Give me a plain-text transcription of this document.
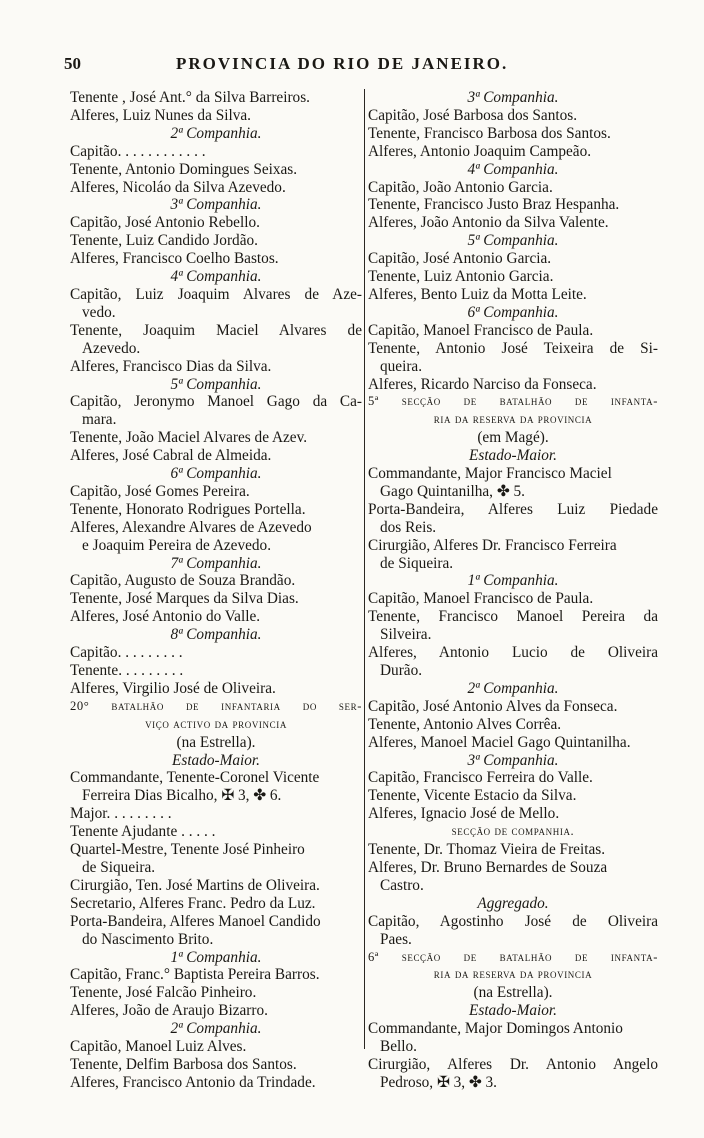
50	PROVINCIA DO RIO DE JANEIRO.
Tenente , José Ant.° da Silva Barreiros.
Alferes, Luiz Nunes da Silva.
2ª Companhia.
Capitão. . . . . . . . . . . .
Tenente, Antonio Domingues Seixas.
Alferes, Nicoláo da Silva Azevedo.
3ª Companhia.
Capitão, José Antonio Rebello.
Tenente, Luiz Candido Jordão.
Alferes, Francisco Coelho Bastos.
4ª Companhia.
Capitão, Luiz Joaquim Alvares de Aze-
vedo.
Tenente, Joaquim Maciel Alvares de
Azevedo.
Alferes, Francisco Dias da Silva.
5ª Companhia.
Capitão, Jeronymo Manoel Gago da Ca-
mara.
Tenente, João Maciel Alvares de Azev.
Alferes, José Cabral de Almeida.
6ª Companhia.
Capitão, José Gomes Pereira.
Tenente, Honorato Rodrigues Portella.
Alferes, Alexandre Alvares de Azevedo
e Joaquim Pereira de Azevedo.
7ª Companhia.
Capitão, Augusto de Souza Brandão.
Tenente, José Marques da Silva Dias.
Alferes, José Antonio do Valle.
8ª Companhia.
Capitão. . . . . . . . .
Tenente. . . . . . . . .
Alferes, Virgilio José de Oliveira.
20° batalhão de infantaria do ser-
viço activo da provincia
(na Estrella).
Estado-Maior.
Commandante, Tenente-Coronel Vicente
Ferreira Dias Bicalho, ✠ 3, ✤ 6.
Major. . . . . . . . .
Tenente Ajudante . . . . .
Quartel-Mestre, Tenente José Pinheiro
de Siqueira.
Cirurgião, Ten. José Martins de Oliveira.
Secretario, Alferes Franc. Pedro da Luz.
Porta-Bandeira, Alferes Manoel Candido
do Nascimento Brito.
1ª Companhia.
Capitão, Franc.° Baptista Pereira Barros.
Tenente, José Falcão Pinheiro.
Alferes, João de Araujo Bizarro.
2ª Companhia.
Capitão, Manoel Luiz Alves.
Tenente, Delfim Barbosa dos Santos.
Alferes, Francisco Antonio da Trindade.
3ª Companhia.
Capitão, José Barbosa dos Santos.
Tenente, Francisco Barbosa dos Santos.
Alferes, Antonio Joaquim Campeão.
4ª Companhia.
Capitão, João Antonio Garcia.
Tenente, Francisco Justo Braz Hespanha.
Alferes, João Antonio da Silva Valente.
5ª Companhia.
Capitão, José Antonio Garcia.
Tenente, Luiz Antonio Garcia.
Alferes, Bento Luiz da Motta Leite.
6ª Companhia.
Capitão, Manoel Francisco de Paula.
Tenente, Antonio José Teixeira de Si-
queira.
Alferes, Ricardo Narciso da Fonseca.
5ª secção de batalhão de infanta-
ria da reserva da provincia
(em Magé).
Estado-Maior.
Commandante, Major Francisco Maciel
Gago Quintanilha, ✤ 5.
Porta-Bandeira, Alferes Luiz Piedade
dos Reis.
Cirurgião, Alferes Dr. Francisco Ferreira
de Siqueira.
1ª Companhia.
Capitão, Manoel Francisco de Paula.
Tenente, Francisco Manoel Pereira da
Silveira.
Alferes, Antonio Lucio de Oliveira
Durão.
2ª Companhia.
Capitão, José Antonio Alves da Fonseca.
Tenente, Antonio Alves Corrêa.
Alferes, Manoel Maciel Gago Quintanilha.
3ª Companhia.
Capitão, Francisco Ferreira do Valle.
Tenente, Vicente Estacio da Silva.
Alferes, Ignacio José de Mello.
secção de companhia.
Tenente, Dr. Thomaz Vieira de Freitas.
Alferes, Dr. Bruno Bernardes de Souza
Castro.
Aggregado.
Capitão, Agostinho José de Oliveira
Paes.
6ª secção de batalhão de infanta-
ria da reserva da provincia
(na Estrella).
Estado-Maior.
Commandante, Major Domingos Antonio
Bello.
Cirurgião, Alferes Dr. Antonio Angelo
Pedroso, ✠ 3, ✤ 3.
